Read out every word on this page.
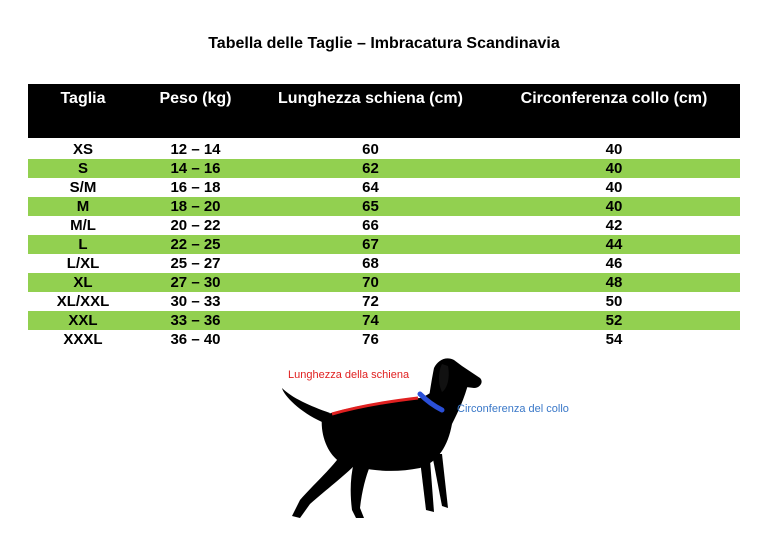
Tabella delle Taglie – Imbracatura Scandinavia
Taglia	Peso (kg)	Lunghezza schiena (cm)	Circonferenza collo (cm)
XS	12 – 14	60	40
S	14 – 16	62	40
S/M	16 – 18	64	40
M	18 – 20	65	40
M/L	20 – 22	66	42
L	22 – 25	67	44
L/XL	25 – 27	68	46
XL	27 – 30	70	48
XL/XXL	30 – 33	72	50
XXL	33 – 36	74	52
XXXL	36 – 40	76	54
Lunghezza della schiena
Circonferenza del collo
